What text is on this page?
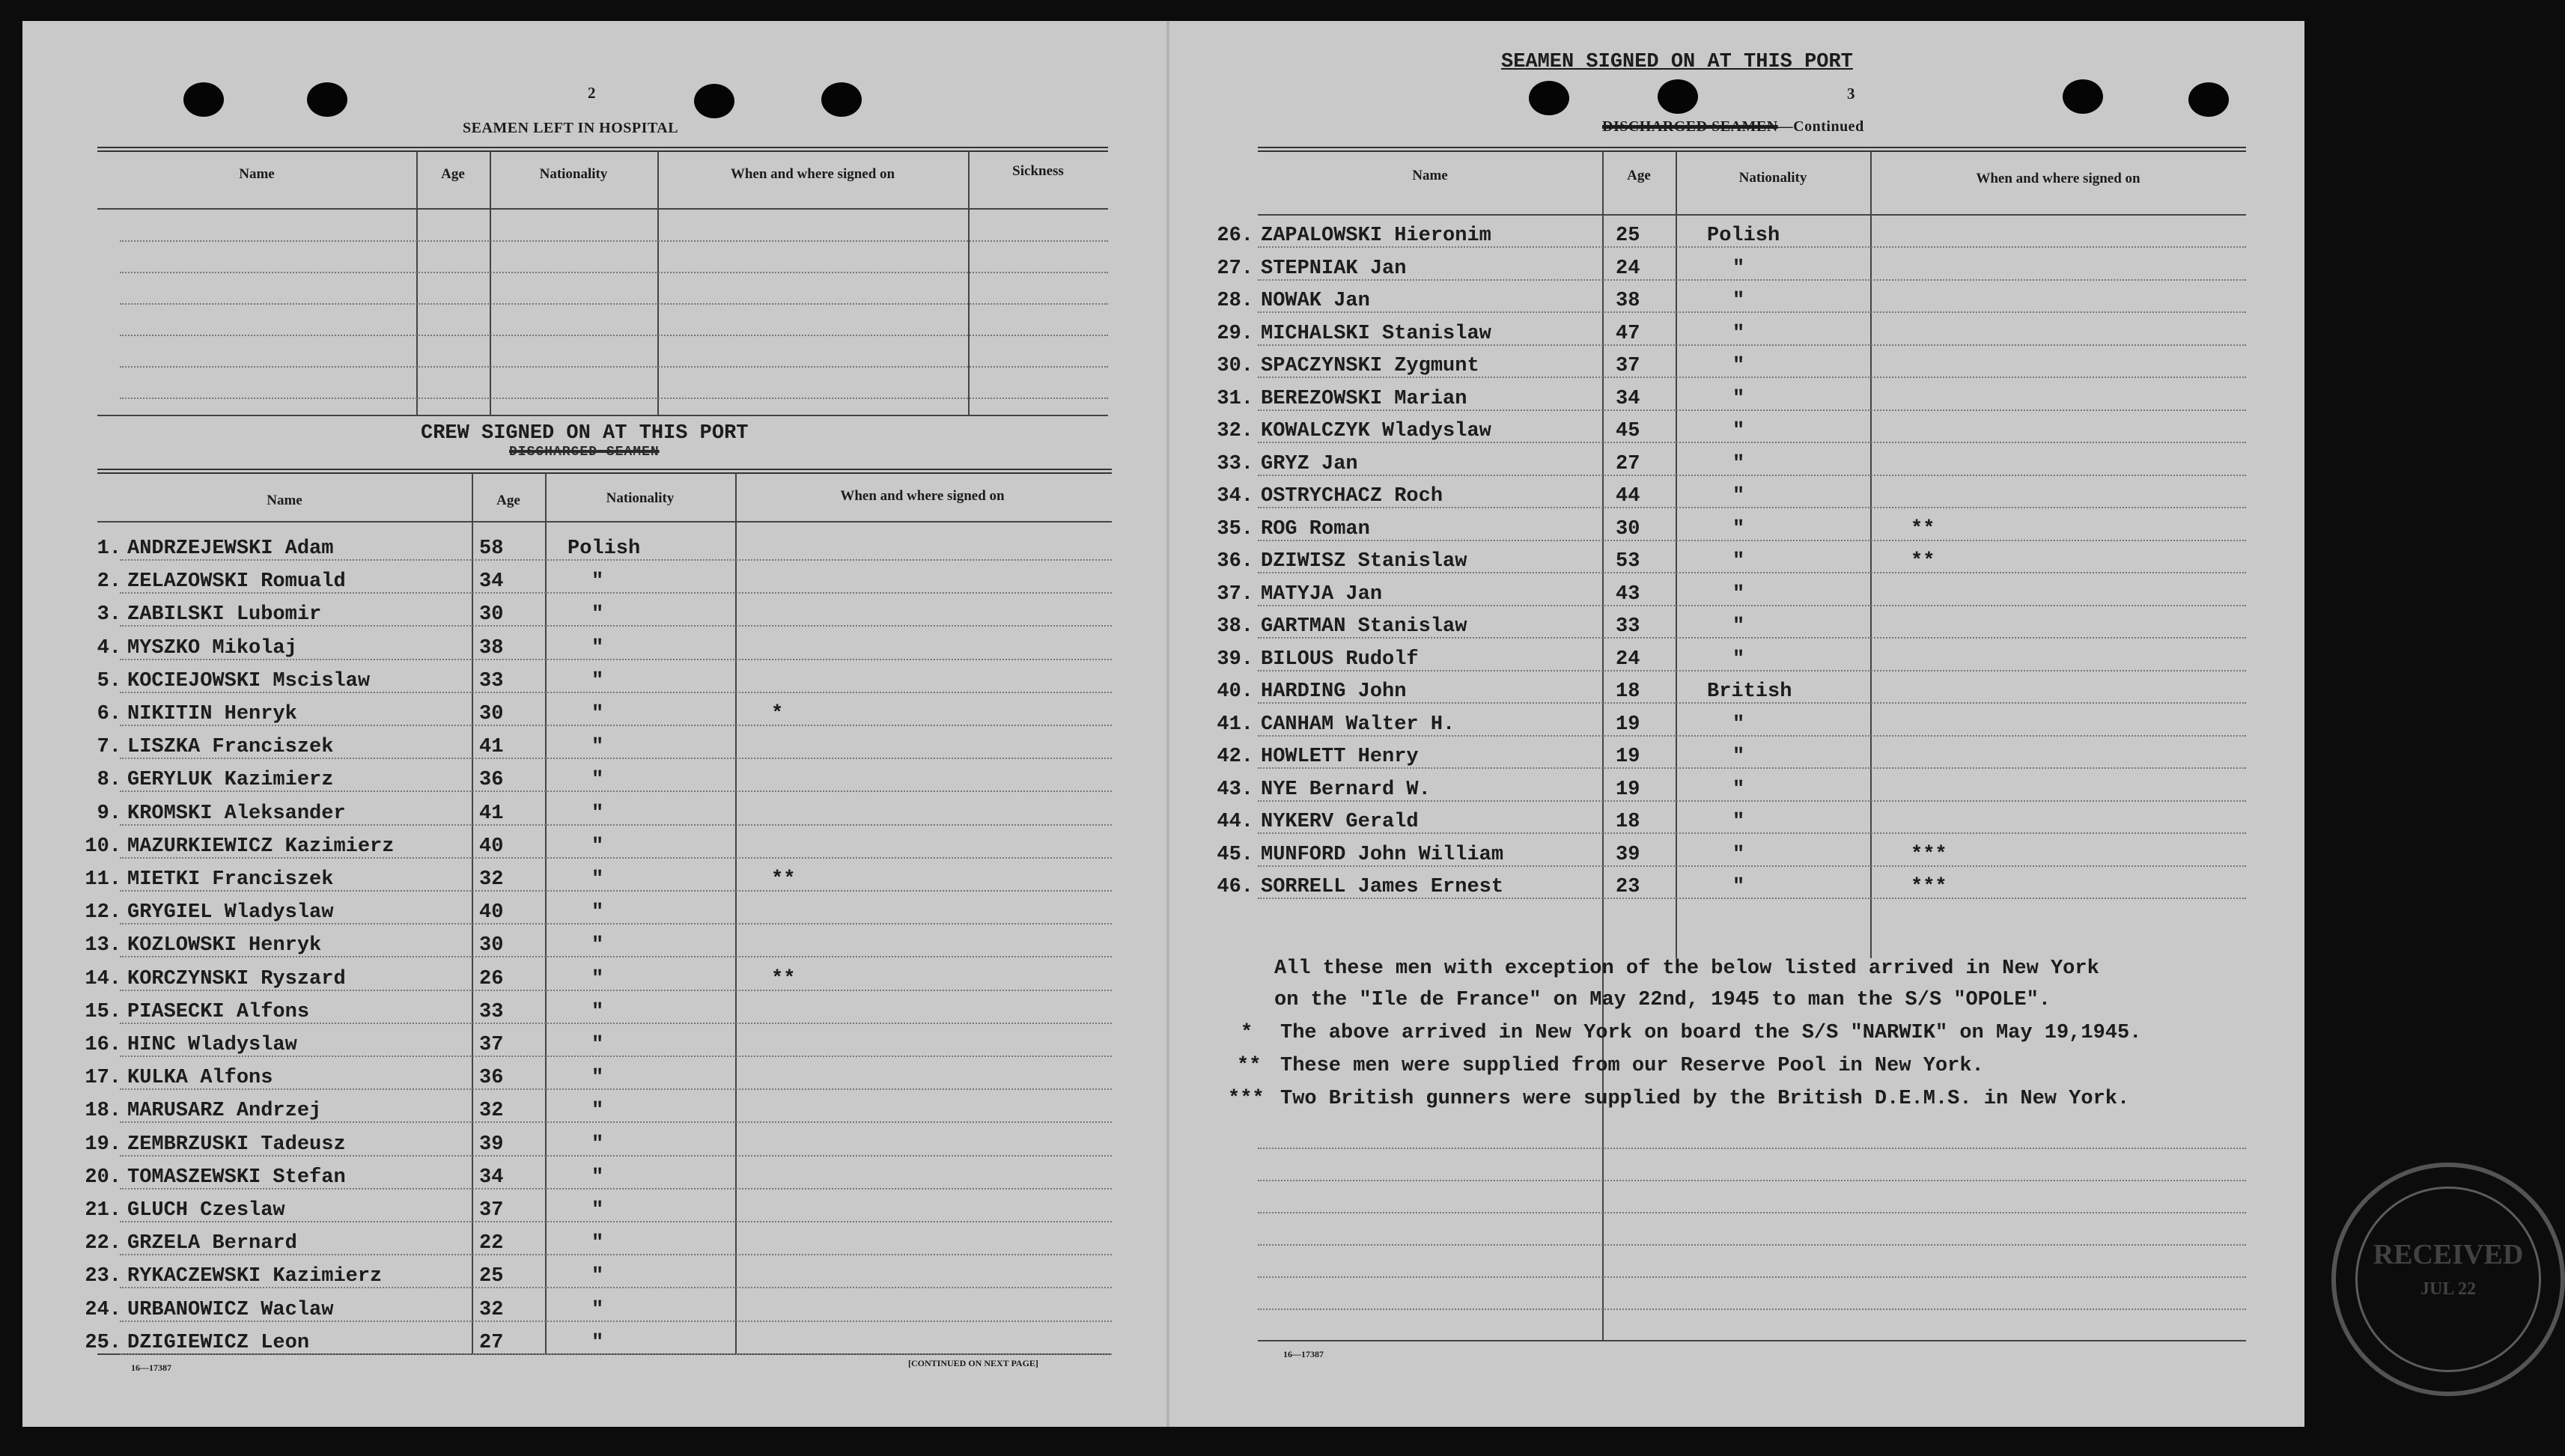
2
SEAMEN LEFT IN HOSPITAL
Name	Age	Nationality	When and where signed on	Sickness
CREW SIGNED ON AT THIS PORT
DISCHARGED SEAMEN
Name	Age	Nationality	When and where signed on
1. ANDRZEJEWSKI Adam	58	Polish
2. ZELAZOWSKI Romuald	34	"
3. ZABILSKI Lubomir	30	"
4. MYSZKO Mikolaj	38	"
5. KOCIEJOWSKI Mscislaw	33	"
6. NIKITIN Henryk	30	"	*
7. LISZKA Franciszek	41	"
8. GERYLUK Kazimierz	36	"
9. KROMSKI Aleksander	41	"
10. MAZURKIEWICZ Kazimierz	40	"
11. MIETKI Franciszek	32	"	**
12. GRYGIEL Wladyslaw	40	"
13. KOZLOWSKI Henryk	30	"
14. KORCZYNSKI Ryszard	26	"	**
15. PIASECKI Alfons	33	"
16. HINC Wladyslaw	37	"
17. KULKA Alfons	36	"
18. MARUSARZ Andrzej	32	"
19. ZEMBRZUSKI Tadeusz	39	"
20. TOMASZEWSKI Stefan	34	"
21. GLUCH Czeslaw	37	"
22. GRZELA Bernard	22	"
23. RYKACZEWSKI Kazimierz	25	"
24. URBANOWICZ Waclaw	32	"
25. DZIGIEWICZ Leon	27	"
16—17387	[CONTINUED ON NEXT PAGE]
SEAMEN SIGNED ON AT THIS PORT
3
DISCHARGED SEAMEN—Continued
Name	Age	Nationality	When and where signed on
26. ZAPALOWSKI Hieronim	25	Polish
27. STEPNIAK Jan	24	"
28. NOWAK Jan	38	"
29. MICHALSKI Stanislaw	47	"
30. SPACZYNSKI Zygmunt	37	"
31. BEREZOWSKI Marian	34	"
32. KOWALCZYK Wladyslaw	45	"
33. GRYZ Jan	27	"
34. OSTRYCHACZ Roch	44	"
35. ROG Roman	30	"	**
36. DZIWISZ Stanislaw	53	"	**
37. MATYJA Jan	43	"
38. GARTMAN Stanislaw	33	"
39. BILOUS Rudolf	24	"
40. HARDING John	18	British
41. CANHAM Walter H.	19	"
42. HOWLETT Henry	19	"
43. NYE Bernard W.	19	"
44. NYKERV Gerald	18	"
45. MUNFORD John William	39	"	***
46. SORRELL James Ernest	23	"	***
All these men with exception of the below listed arrived in New York
on the "Ile de France" on May 22nd, 1945 to man the S/S "OPOLE".
* The above arrived in New York on board the S/S "NARWIK" on May 19,1945.
** These men were supplied from our Reserve Pool in New York.
*** Two British gunners were supplied by the British D.E.M.S. in New York.
RECEIVED
JUL 22
16—17387
